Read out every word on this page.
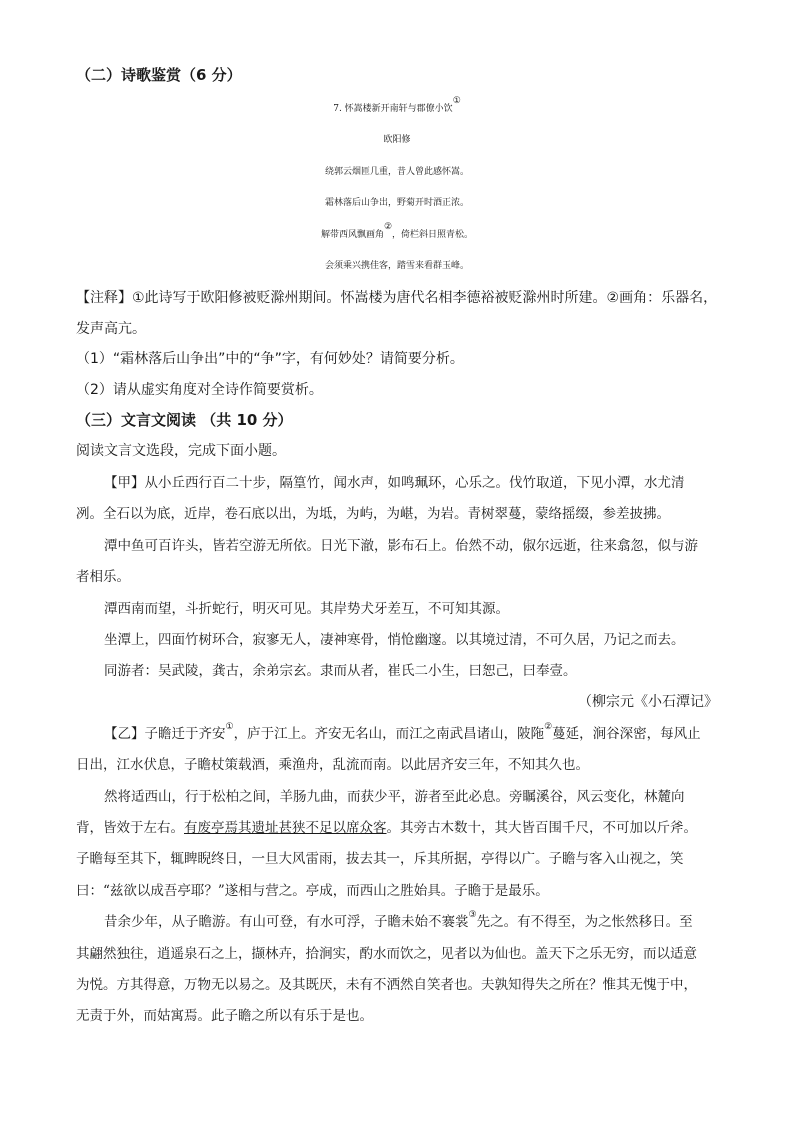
（二）诗歌鉴赏（6 分）
7. 怀嵩楼新开南轩与郡僚小饮①
欧阳修
绕郭云烟匝几重，昔人曾此感怀嵩。
霜林落后山争出，野菊开时酒正浓。
解带西风飘画角②，倚栏斜日照青松。
会须乘兴携佳客，踏雪来看群玉峰。
【注释】①此诗写于欧阳修被贬滁州期间。怀嵩楼为唐代名相李德裕被贬滁州时所建。②画角：乐器名，
发声高亢。
（1）“霜林落后山争出”中的“争”字，有何妙处？请简要分析。
（2）请从虚实角度对全诗作简要赏析。
（三）文言文阅读 （共 10 分）
阅读文言文选段，完成下面小题。
【甲】从小丘西行百二十步，隔篁竹，闻水声，如鸣珮环，心乐之。伐竹取道，下见小潭，水尤清
冽。全石以为底，近岸，卷石底以出，为坻，为屿，为嵁，为岩。青树翠蔓，蒙络摇缀，参差披拂。
潭中鱼可百许头，皆若空游无所依。日光下澈，影布石上。佁然不动，俶尔远逝，往来翕忽，似与游
者相乐。
潭西南而望，斗折蛇行，明灭可见。其岸势犬牙差互，不可知其源。
坐潭上，四面竹树环合，寂寥无人，凄神寒骨，悄怆幽邃。以其境过清，不可久居，乃记之而去。
同游者：吴武陵，龚古，余弟宗玄。隶而从者，崔氏二小生，曰恕己，曰奉壹。
（柳宗元《小石潭记》
【乙】子瞻迁于齐安①，庐于江上。齐安无名山，而江之南武昌诸山，陂陁②蔓延，涧谷深密，每风止
日出，江水伏息，子瞻杖策载酒，乘渔舟，乱流而南。以此居齐安三年，不知其久也。
然将适西山，行于松柏之间，羊肠九曲，而获少平，游者至此必息。旁瞩溪谷，风云变化，林麓向
背，皆效于左右。有废亭焉其遗址甚狭不足以席众客。其旁古木数十，其大皆百围千尺，不可加以斤斧。
子瞻每至其下，辄睥睨终日，一旦大风雷雨，拔去其一，斥其所据，亭得以广。子瞻与客入山视之，笑
曰：“兹欲以成吾亭耶？”遂相与营之。亭成，而西山之胜始具。子瞻于是最乐。
昔余少年，从子瞻游。有山可登，有水可浮，子瞻未始不褰裳③先之。有不得至，为之怅然移日。至
其翩然独往，逍遥泉石之上，撷林卉，拾涧实，酌水而饮之，见者以为仙也。盖天下之乐无穷，而以适意
为悦。方其得意，万物无以易之。及其既厌，未有不洒然自笑者也。夫孰知得失之所在？惟其无愧于中，
无责于外，而姑寓焉。此子瞻之所以有乐于是也。
